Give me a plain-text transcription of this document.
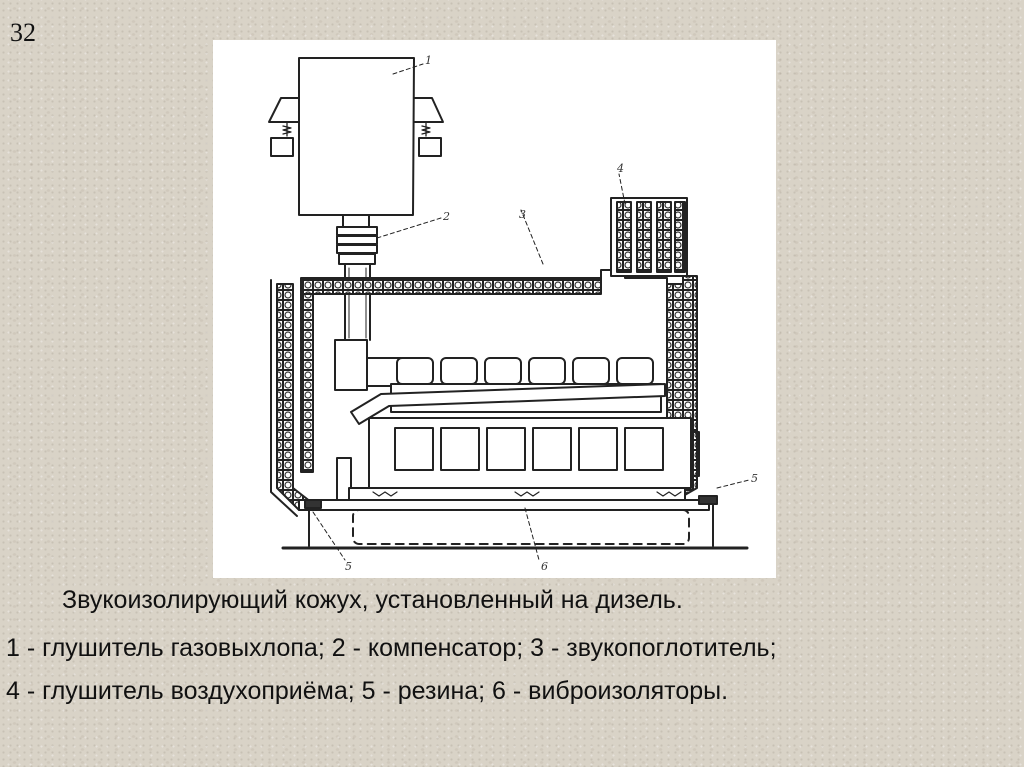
32
1
2	3
4
5
5	6
Звукоизолирующий кожух, установленный на дизель.
1 - глушитель газовыхлопа; 2 - компенсатор; 3 - звукопоглотитель;
4 - глушитель воздухоприёма; 5 - резина; 6 - виброизоляторы.
